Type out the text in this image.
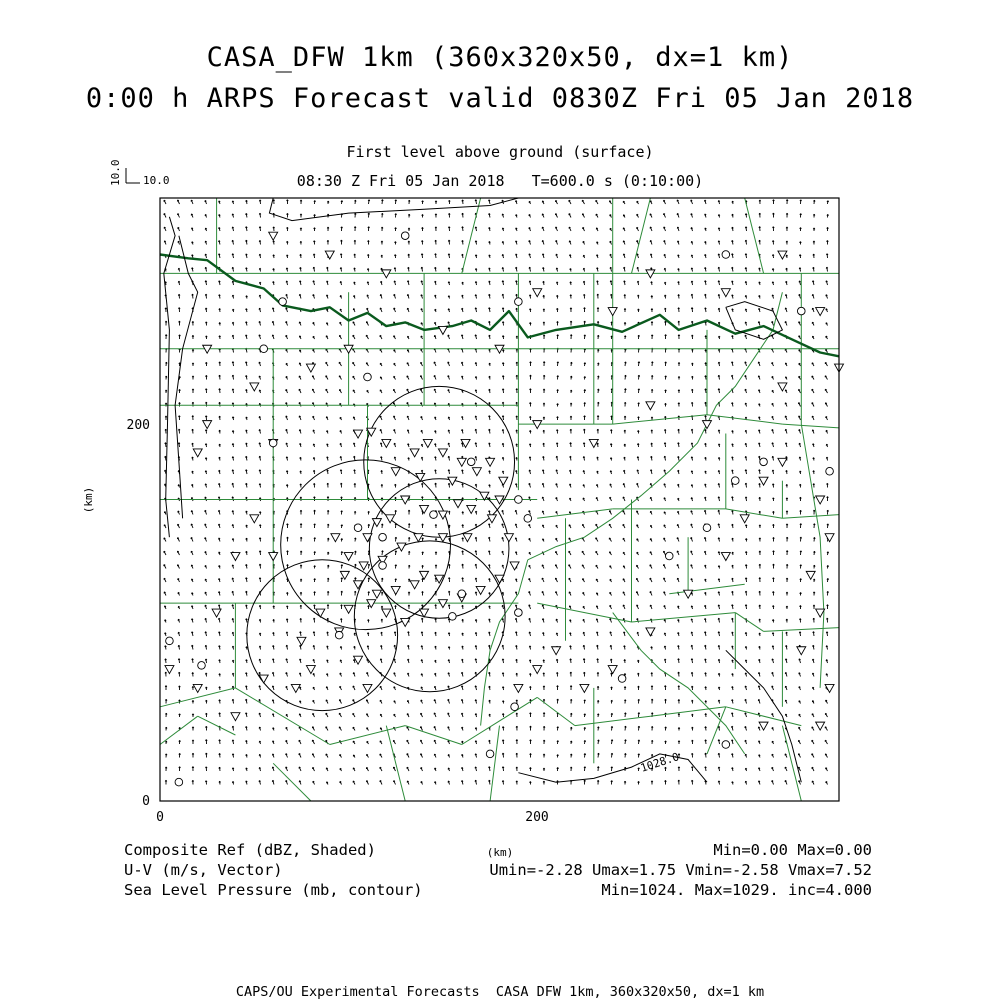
CASA_DFW 1km (360x320x50, dx=1 km)
0:00 h ARPS Forecast valid 0830Z Fri 05 Jan 2018
First level above ground (surface)
08:30 Z Fri 05 Jan 2018   T=600.0 s (0:10:00)
10.0 10.0
0	200
0
200
(km)
(km)
1028.0
Composite Ref (dBZ, Shaded)	Min=0.00 Max=0.00
U-V (m/s, Vector)	Umin=-2.28 Umax=1.75 Vmin=-2.58 Vmax=7.52
Sea Level Pressure (mb, contour)	Min=1024. Max=1029. inc=4.000
CAPS/OU Experimental Forecasts  CASA DFW 1km, 360x320x50, dx=1 km
